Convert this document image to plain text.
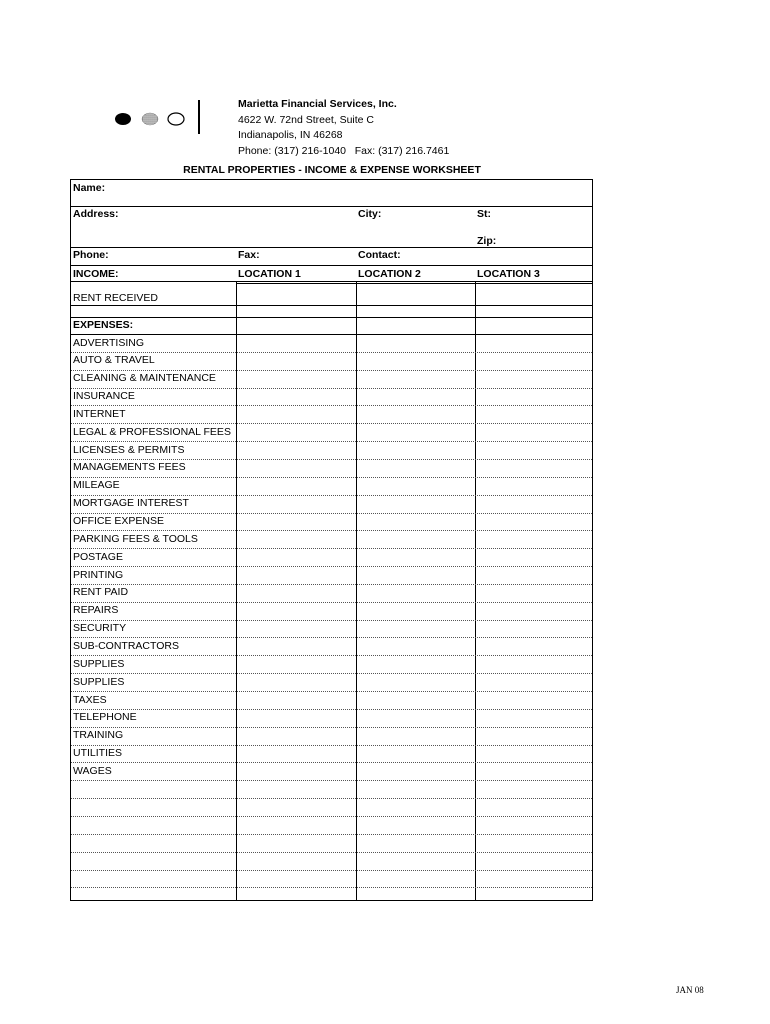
Marietta Financial Services, Inc.
4622 W. 72nd Street, Suite C
Indianapolis, IN 46268
Phone: (317) 216-1040   Fax: (317) 216.7461
RENTAL PROPERTIES - INCOME & EXPENSE WORKSHEET
Name:
Address:	City:	St:
Zip:
Phone:	Fax:	Contact:
INCOME:	LOCATION 1	LOCATION 2	LOCATION 3
RENT RECEIVED
EXPENSES:
ADVERTISING
AUTO & TRAVEL
CLEANING & MAINTENANCE
INSURANCE
INTERNET
LEGAL & PROFESSIONAL FEES
LICENSES & PERMITS
MANAGEMENTS FEES
MILEAGE
MORTGAGE INTEREST
OFFICE EXPENSE
PARKING FEES & TOOLS
POSTAGE
PRINTING
RENT PAID
REPAIRS
SECURITY
SUB-CONTRACTORS
SUPPLIES
SUPPLIES
TAXES
TELEPHONE
TRAINING
UTILITIES
WAGES
JAN 08
